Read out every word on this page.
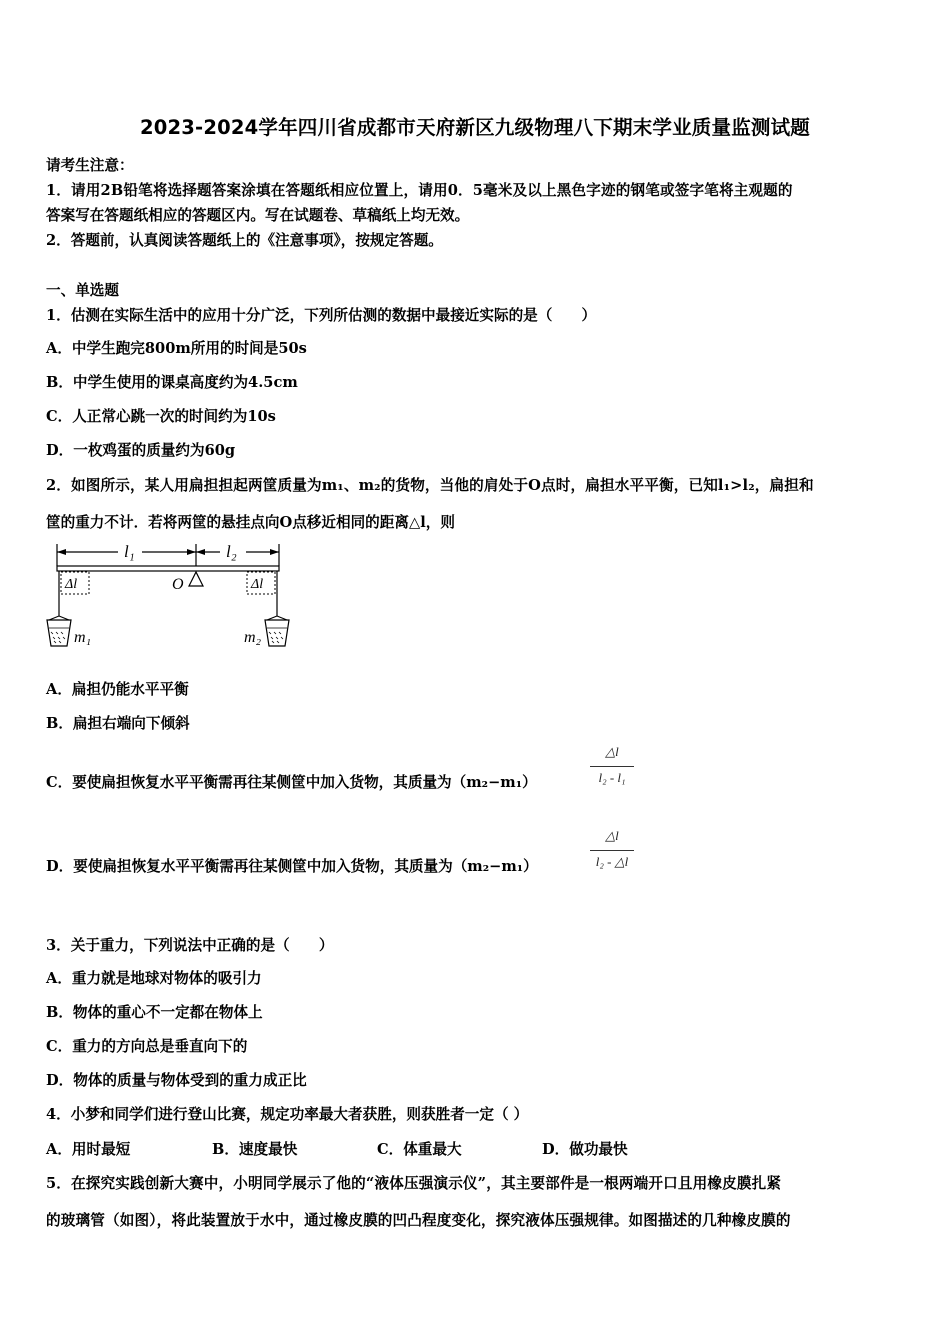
2023-2024学年四川省成都市天府新区九级物理八下期末学业质量监测试题
请考生注意：
1．请用2B铅笔将选择题答案涂填在答题纸相应位置上，请用0．5毫米及以上黑色字迹的钢笔或签字笔将主观题的
答案写在答题纸相应的答题区内。写在试题卷、草稿纸上均无效。
2．答题前，认真阅读答题纸上的《注意事项》，按规定答题。
一、单选题
1．估测在实际生活中的应用十分广泛，下列所估测的数据中最接近实际的是（　　）
A．中学生跑完800m所用的时间是50s
B．中学生使用的课桌高度约为4.5cm
C．人正常心跳一次的时间约为10s
D．一枚鸡蛋的质量约为60g
2．如图所示，某人用扁担担起两筐质量为m₁、m₂的货物，当他的肩处于O点时，扁担水平平衡，已知l₁>l₂，扁担和
筐的重力不计．若将两筐的悬挂点向O点移近相同的距离△l，则
l₁	l₂
O
Δl	Δl
m₁	m₂
A．扁担仍能水平平衡
B．扁担右端向下倾斜
C．要使扁担恢复水平平衡需再往某侧筐中加入货物，其质量为（m₂−m₁）
△l
l₂ - l₁
D．要使扁担恢复水平平衡需再往某侧筐中加入货物，其质量为（m₂−m₁）
△l
l₂ - △l
3．关于重力，下列说法中正确的是（　　）
A．重力就是地球对物体的吸引力
B．物体的重心不一定都在物体上
C．重力的方向总是垂直向下的
D．物体的质量与物体受到的重力成正比
4．小梦和同学们进行登山比赛，规定功率最大者获胜，则获胜者一定（ ）
A．用时最短	B．速度最快	C．体重最大	D．做功最快
5．在探究实践创新大赛中，小明同学展示了他的“液体压强演示仪”，其主要部件是一根两端开口且用橡皮膜扎紧
的玻璃管（如图），将此装置放于水中，通过橡皮膜的凹凸程度变化，探究液体压强规律。如图描述的几种橡皮膜的
